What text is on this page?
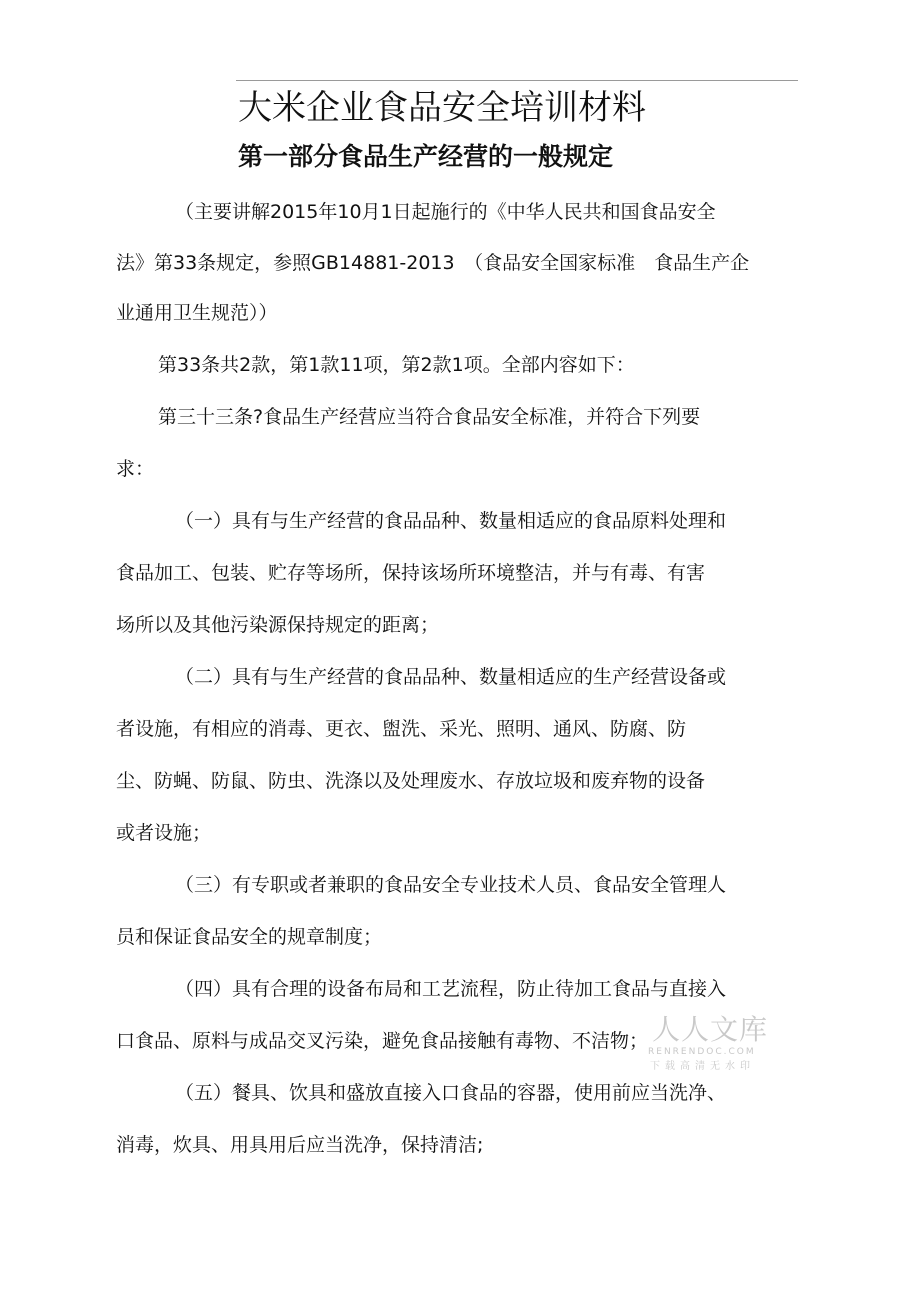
大米企业食品安全培训材料
第一部分食品生产经营的一般规定

（主要讲解2015年10月1日起施行的《中华人民共和国食品安全

法》第33条规定，参照GB14881-2013　（食品安全国家标准　食品生产企

业通用卫生规范））

第33条共2款，第1款11项，第2款1项。全部内容如下：

第三十三条?食品生产经营应当符合食品安全标准，并符合下列要

求：

（一）具有与生产经营的食品品种、数量相适应的食品原料处理和

食品加工、包装、贮存等场所，保持该场所环境整洁，并与有毒、有害

场所以及其他污染源保持规定的距离；

（二）具有与生产经营的食品品种、数量相适应的生产经营设备或

者设施，有相应的消毒、更衣、盥洗、采光、照明、通风、防腐、防

尘、防蝇、防鼠、防虫、洗涤以及处理废水、存放垃圾和废弃物的设备

或者设施；

（三）有专职或者兼职的食品安全专业技术人员、食品安全管理人

员和保证食品安全的规章制度；

（四）具有合理的设备布局和工艺流程，防止待加工食品与直接入

口食品、原料与成品交叉污染，避免食品接触有毒物、不洁物；

（五）餐具、饮具和盛放直接入口食品的容器，使用前应当洗净、

消毒，炊具、用具用后应当洗净，保持清洁;

人人文库
RENRENDOC.COM
下载高清无水印
